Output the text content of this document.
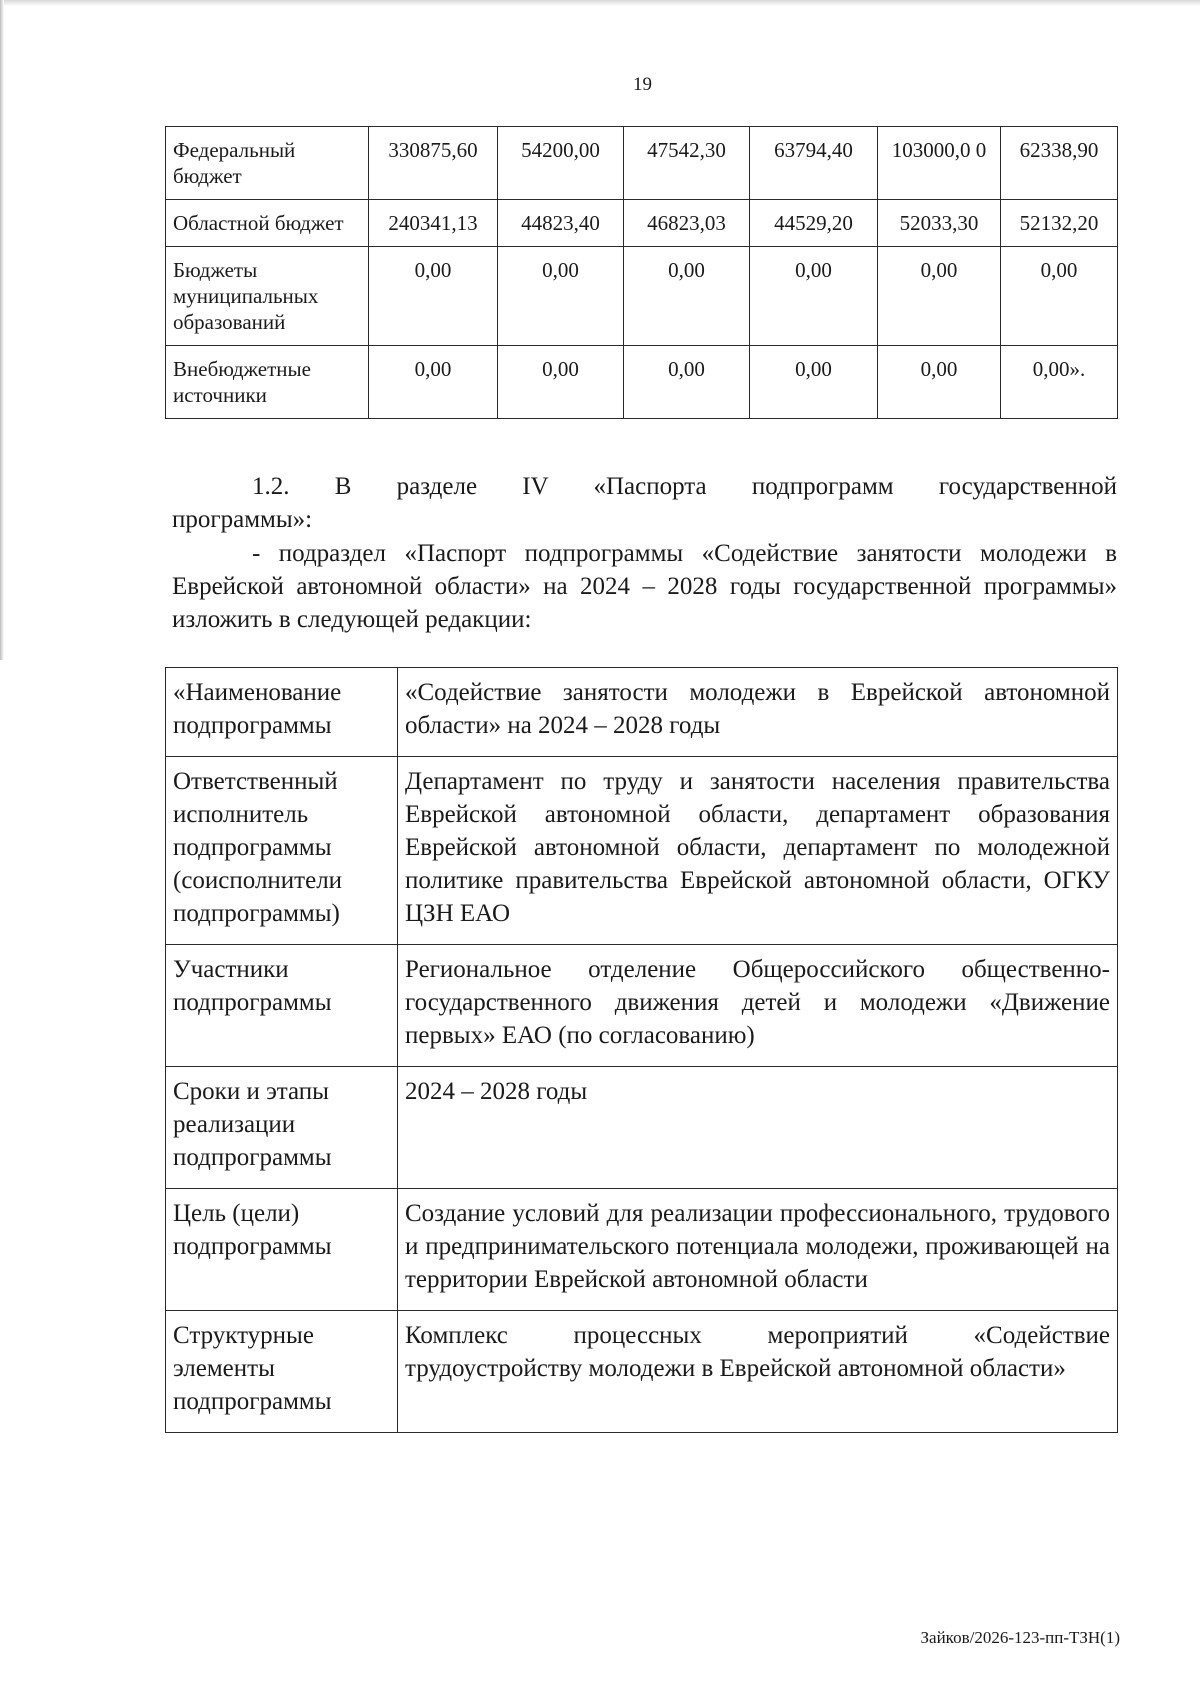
19
Федеральный бюджет	330875,60	54200,00	47542,30	63794,40	103000,0 0	62338,90
Областной бюджет	240341,13	44823,40	46823,03	44529,20	52033,30	52132,20
Бюджеты муниципальных образований	0,00	0,00	0,00	0,00	0,00	0,00
Внебюджетные источники	0,00	0,00	0,00	0,00	0,00	0,00».
1.2. В разделе IV «Паспорта подпрограмм государственной
программы»:
- подраздел «Паспорт подпрограммы «Содействие занятости молодежи в Еврейской автономной области» на 2024 – 2028 годы государственной программы» изложить в следующей редакции:
«Наименование подпрограммы	«Содействие занятости молодежи в Еврейской автономной области» на 2024 – 2028 годы
Ответственный исполнитель подпрограммы (соисполнители подпрограммы)	Департамент по труду и занятости населения правительства Еврейской автономной области, департамент образования Еврейской автономной области, департамент по молодежной политике правительства Еврейской автономной области, ОГКУ ЦЗН ЕАО
Участники подпрограммы	Региональное отделение Общероссийского общественно-государственного движения детей и молодежи «Движение первых» ЕАО (по согласованию)
Сроки и этапы реализации подпрограммы	2024 – 2028 годы
Цель (цели) подпрограммы	Создание условий для реализации профессионального, трудового и предпринимательского потенциала молодежи, проживающей на территории Еврейской автономной области
Структурные элементы подпрограммы	Комплекс процессных мероприятий «Содействие трудоустройству молодежи в Еврейской автономной области»
Зайков/2026-123-пп-ТЗН(1)
